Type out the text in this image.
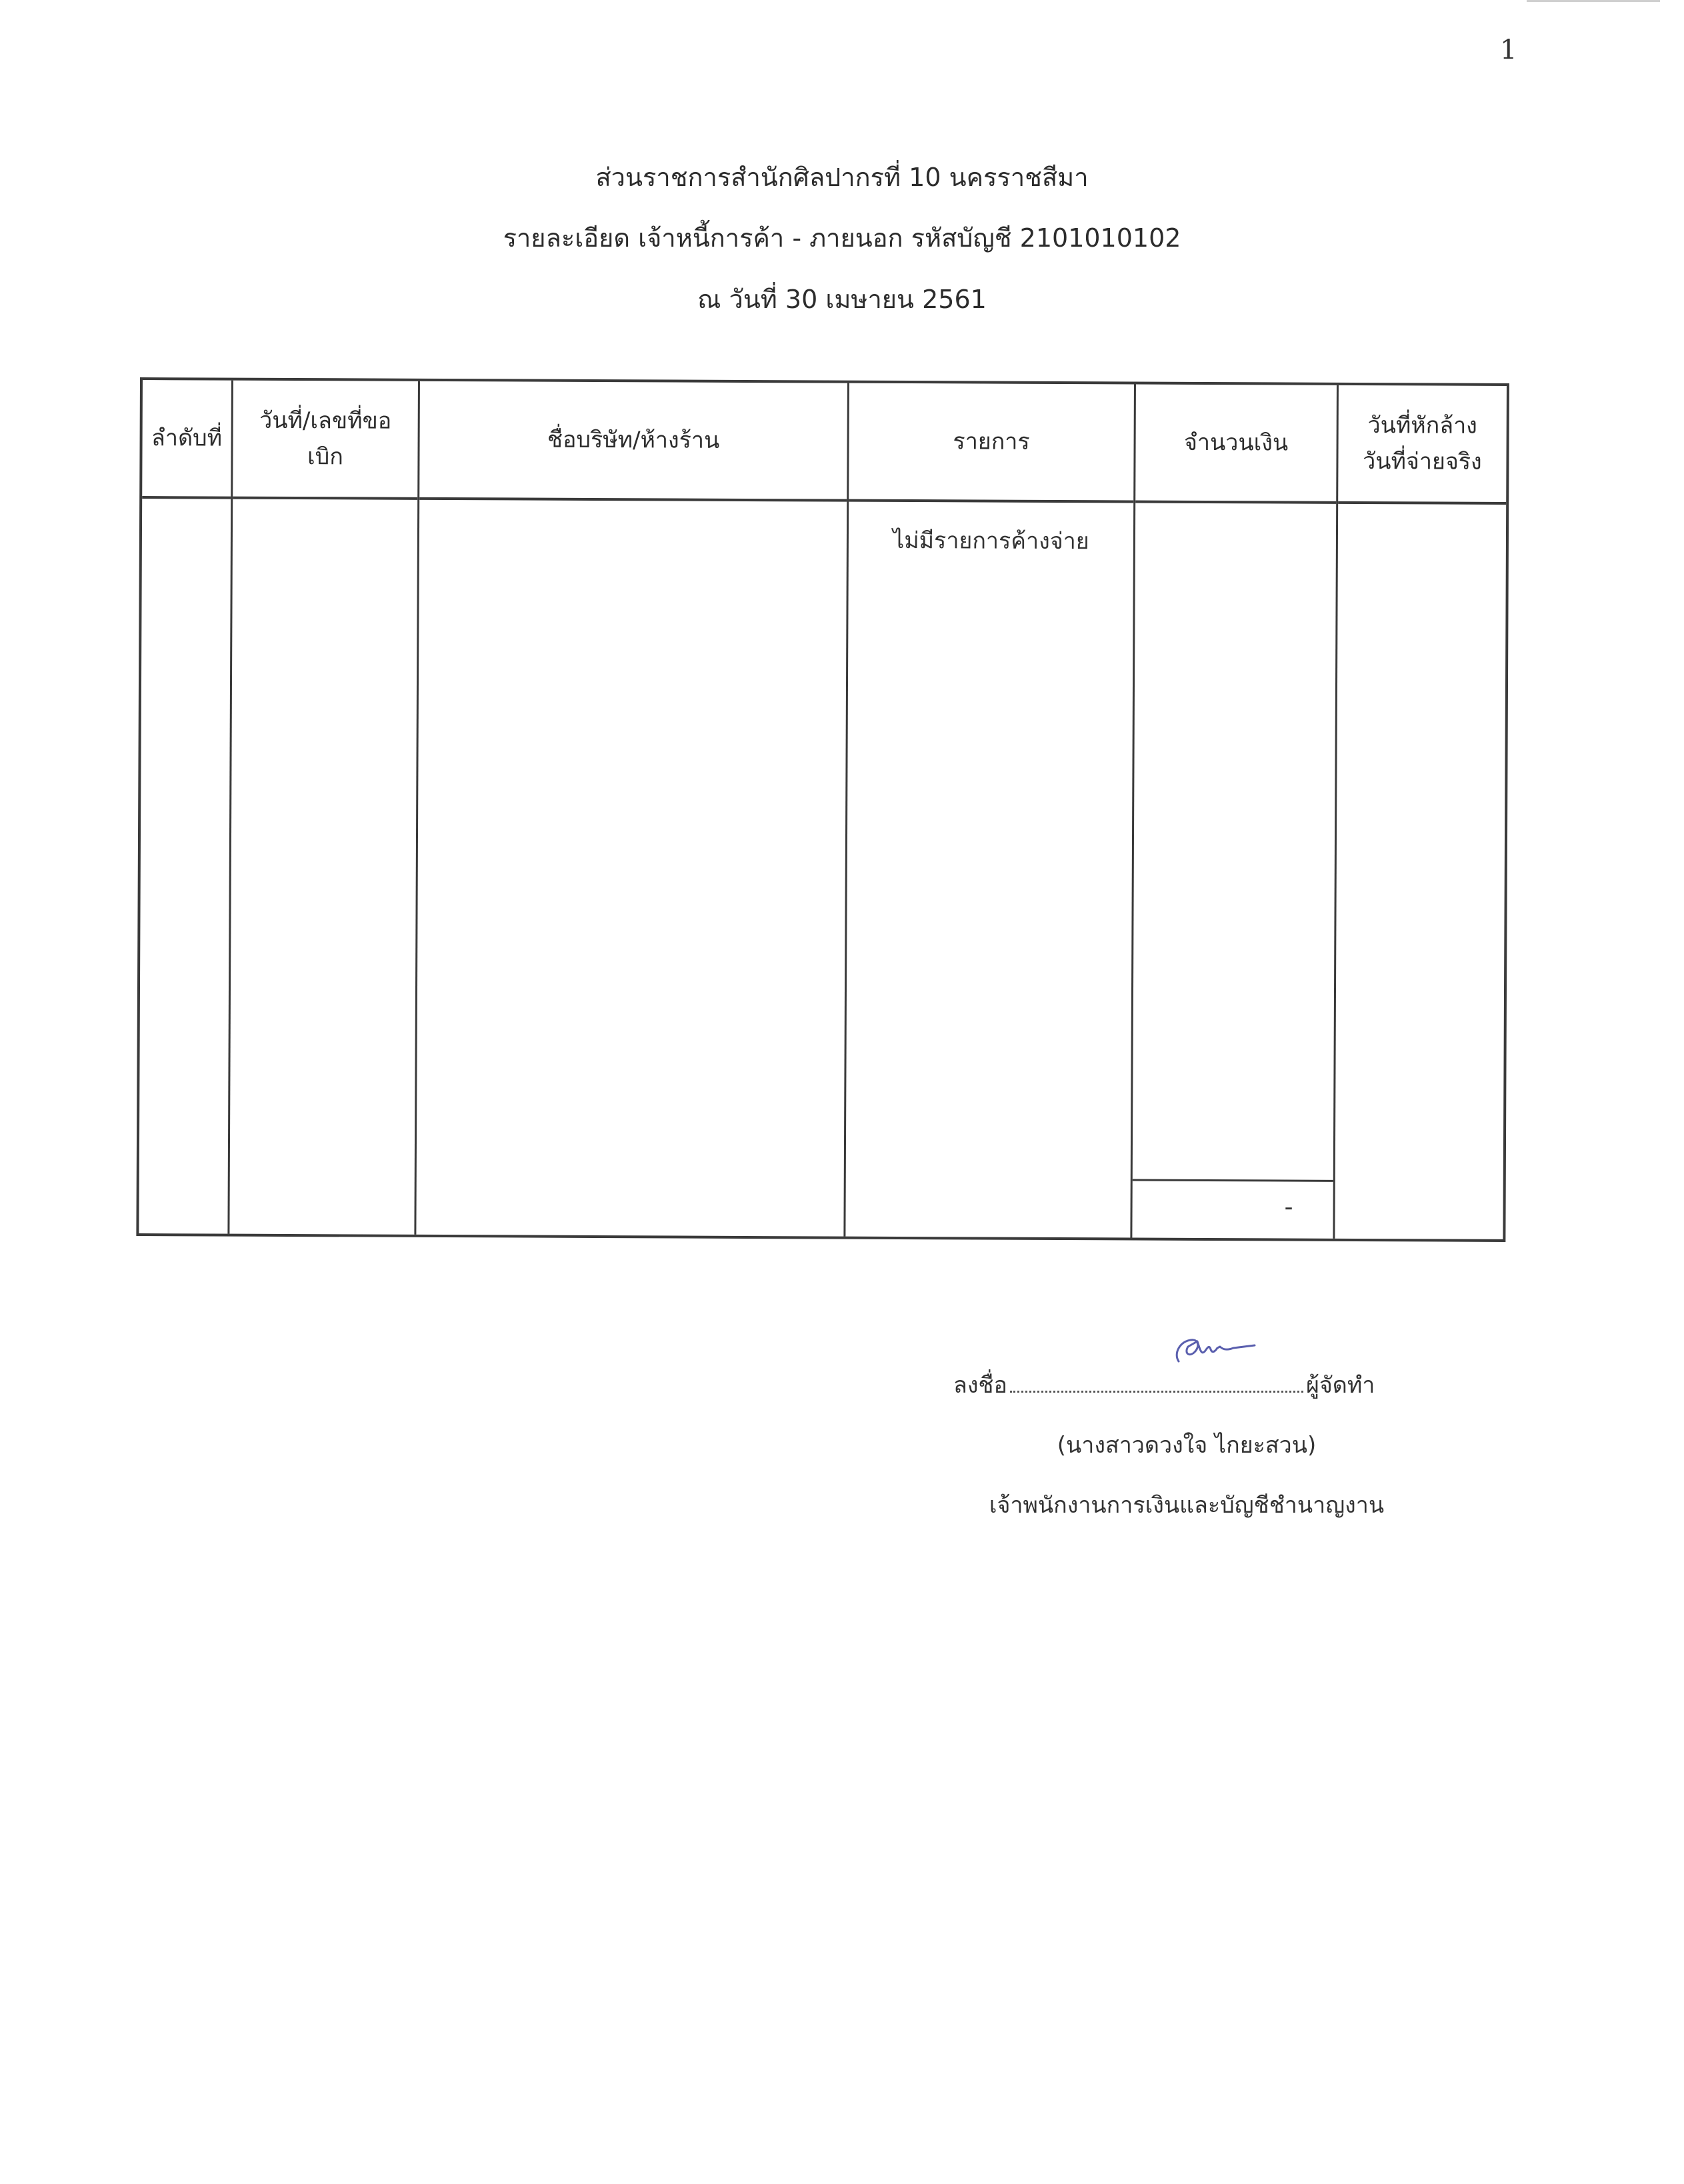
1
ส่วนราชการสำนักศิลปากรที่ 10 นครราชสีมา
รายละเอียด เจ้าหนี้การค้า - ภายนอก รหัสบัญชี 2101010102
ณ วันที่ 30 เมษายน 2561
ลำดับที่
วันที่/เลขที่ขอ
เบิก
ชื่อบริษัท/ห้างร้าน	รายการ
ไม่มีรายการค้างจ่าย
จำนวนเงิน
-
วันที่หักล้าง
วันที่จ่ายจริง
ลงชื่อ	ผู้จัดทำ
(นางสาวดวงใจ ไกยะสวน)
เจ้าพนักงานการเงินและบัญชีชำนาญงาน
